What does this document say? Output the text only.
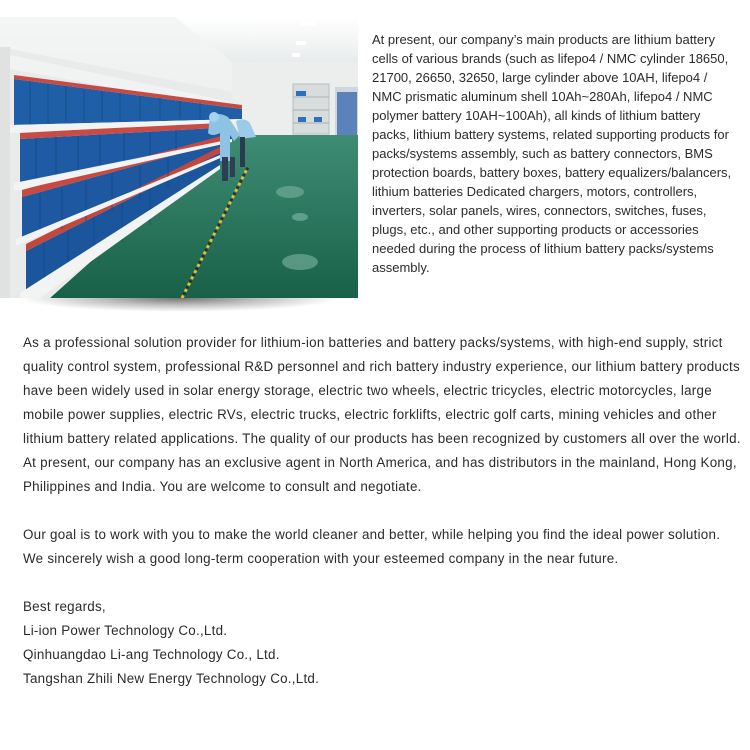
At present, our company’s main products are lithium battery cells of various brands (such as lifepo4 / NMC cylinder 18650, 21700, 26650, 32650, large cylinder above 10AH, lifepo4 / NMC prismatic aluminum shell 10Ah~280Ah, lifepo4 / NMC polymer battery 10AH~100Ah), all kinds of lithium battery packs, lithium battery systems, related supporting products for packs/systems assembly, such as battery connectors, BMS protection boards, battery boxes, battery equalizers/balancers, lithium batteries Dedicated chargers, motors, controllers, inverters, solar panels, wires, connectors, switches, fuses, plugs, etc., and other supporting products or accessories needed during the process of lithium battery packs/systems assembly.

As a professional solution provider for lithium-ion batteries and battery packs/systems, with high-end supply, strict quality control system, professional R&D personnel and rich battery industry experience, our lithium battery products have been widely used in solar energy storage, electric two wheels, electric tricycles, electric motorcycles, large mobile power supplies, electric RVs, electric trucks, electric forklifts, electric golf carts, mining vehicles and other lithium battery related applications. The quality of our products has been recognized by customers all over the world. At present, our company has an exclusive agent in North America, and has distributors in the mainland, Hong Kong, Philippines and India. You are welcome to consult and negotiate.

Our goal is to work with you to make the world cleaner and better, while helping you find the ideal power solution. We sincerely wish a good long-term cooperation with your esteemed company in the near future.

Best regards,
Li-ion Power Technology Co.,Ltd.
Qinhuangdao Li-ang Technology Co., Ltd.
Tangshan Zhili New Energy Technology Co.,Ltd.
